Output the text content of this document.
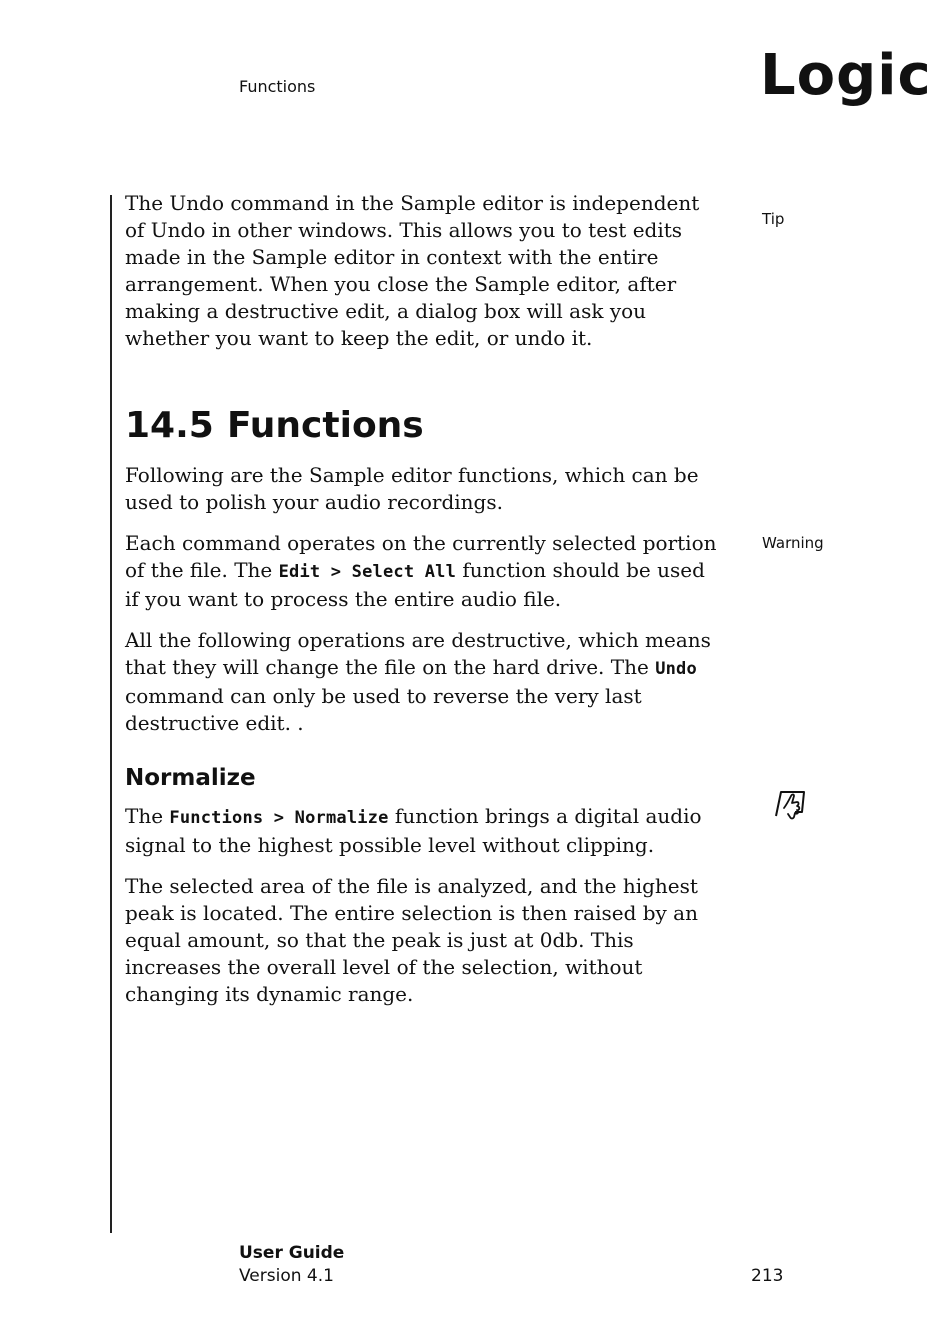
Functions	Logic

The Undo command in the Sample editor is independent of Undo in other windows. This allows you to test edits made in the Sample editor in context with the entire arrangement. When you close the Sample editor, after making a destructive edit, a dialog box will ask you whether you want to keep the edit, or undo it.

14.5 Functions

Following are the Sample editor functions, which can be used to polish your audio recordings.

Each command operates on the currently selected portion of the file. The Edit > Select All function should be used if you want to process the entire audio file.

All the following operations are destructive, which means that they will change the file on the hard drive. The Undo command can only be used to reverse the very last destructive edit. .

Normalize

The Functions > Normalize function brings a digital audio signal to the highest possible level without clipping.

The selected area of the file is analyzed, and the highest peak is located. The entire selection is then raised by an equal amount, so that the peak is just at 0db. This increases the overall level of the selection, without changing its dynamic range.

Tip
Warning
User Guide
Version 4.1	213
